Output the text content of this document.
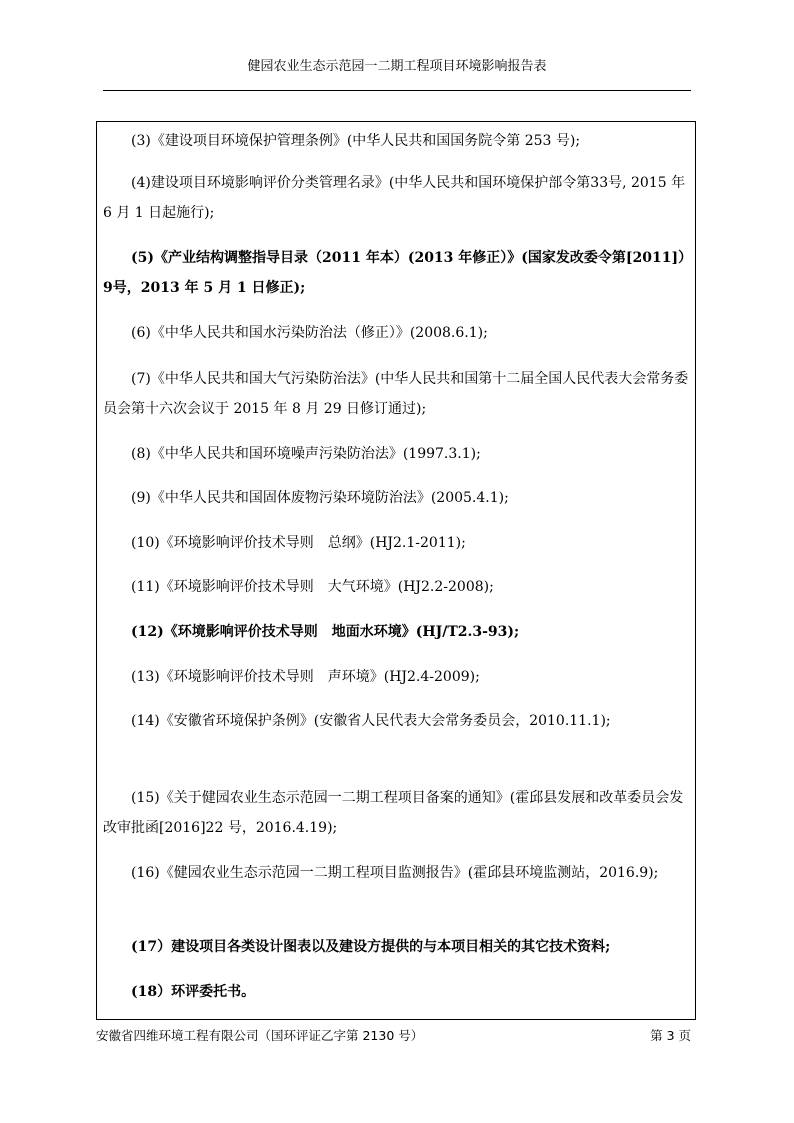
健园农业生态示范园一二期工程项目环境影响报告表
(3)《建设项目环境保护管理条例》(中华人民共和国国务院令第 253 号);
(4)建设项目环境影响评价分类管理名录》(中华人民共和国环境保护部令第33号, 2015 年 6 月 1 日起施行);
(5)《产业结构调整指导目录（2011 年本）(2013 年修正）》(国家发改委令第[2011]）9号，2013 年 5 月 1 日修正);
(6)《中华人民共和国水污染防治法（修正）》(2008.6.1);
(7)《中华人民共和国大气污染防治法》(中华人民共和国第十二届全国人民代表大会常务委员会第十六次会议于 2015 年 8 月 29 日修订通过);
(8)《中华人民共和国环境噪声污染防治法》(1997.3.1);
(9)《中华人民共和国固体废物污染环境防治法》(2005.4.1);
(10)《环境影响评价技术导则　总纲》(HJ2.1-2011);
(11)《环境影响评价技术导则　大气环境》(HJ2.2-2008);
(12)《环境影响评价技术导则　地面水环境》(HJ/T2.3-93);
(13)《环境影响评价技术导则　声环境》(HJ2.4-2009);
(14)《安徽省环境保护条例》(安徽省人民代表大会常务委员会，2010.11.1);
(15)《关于健园农业生态示范园一二期工程项目备案的通知》(霍邱县发展和改革委员会发改审批函[2016]22 号，2016.4.19);
(16)《健园农业生态示范园一二期工程项目监测报告》(霍邱县环境监测站，2016.9);
(17）建设项目各类设计图表以及建设方提供的与本项目相关的其它技术资料;
(18）环评委托书。
安徽省四维环境工程有限公司（国环评证乙字第 2130 号）	第 3 页
